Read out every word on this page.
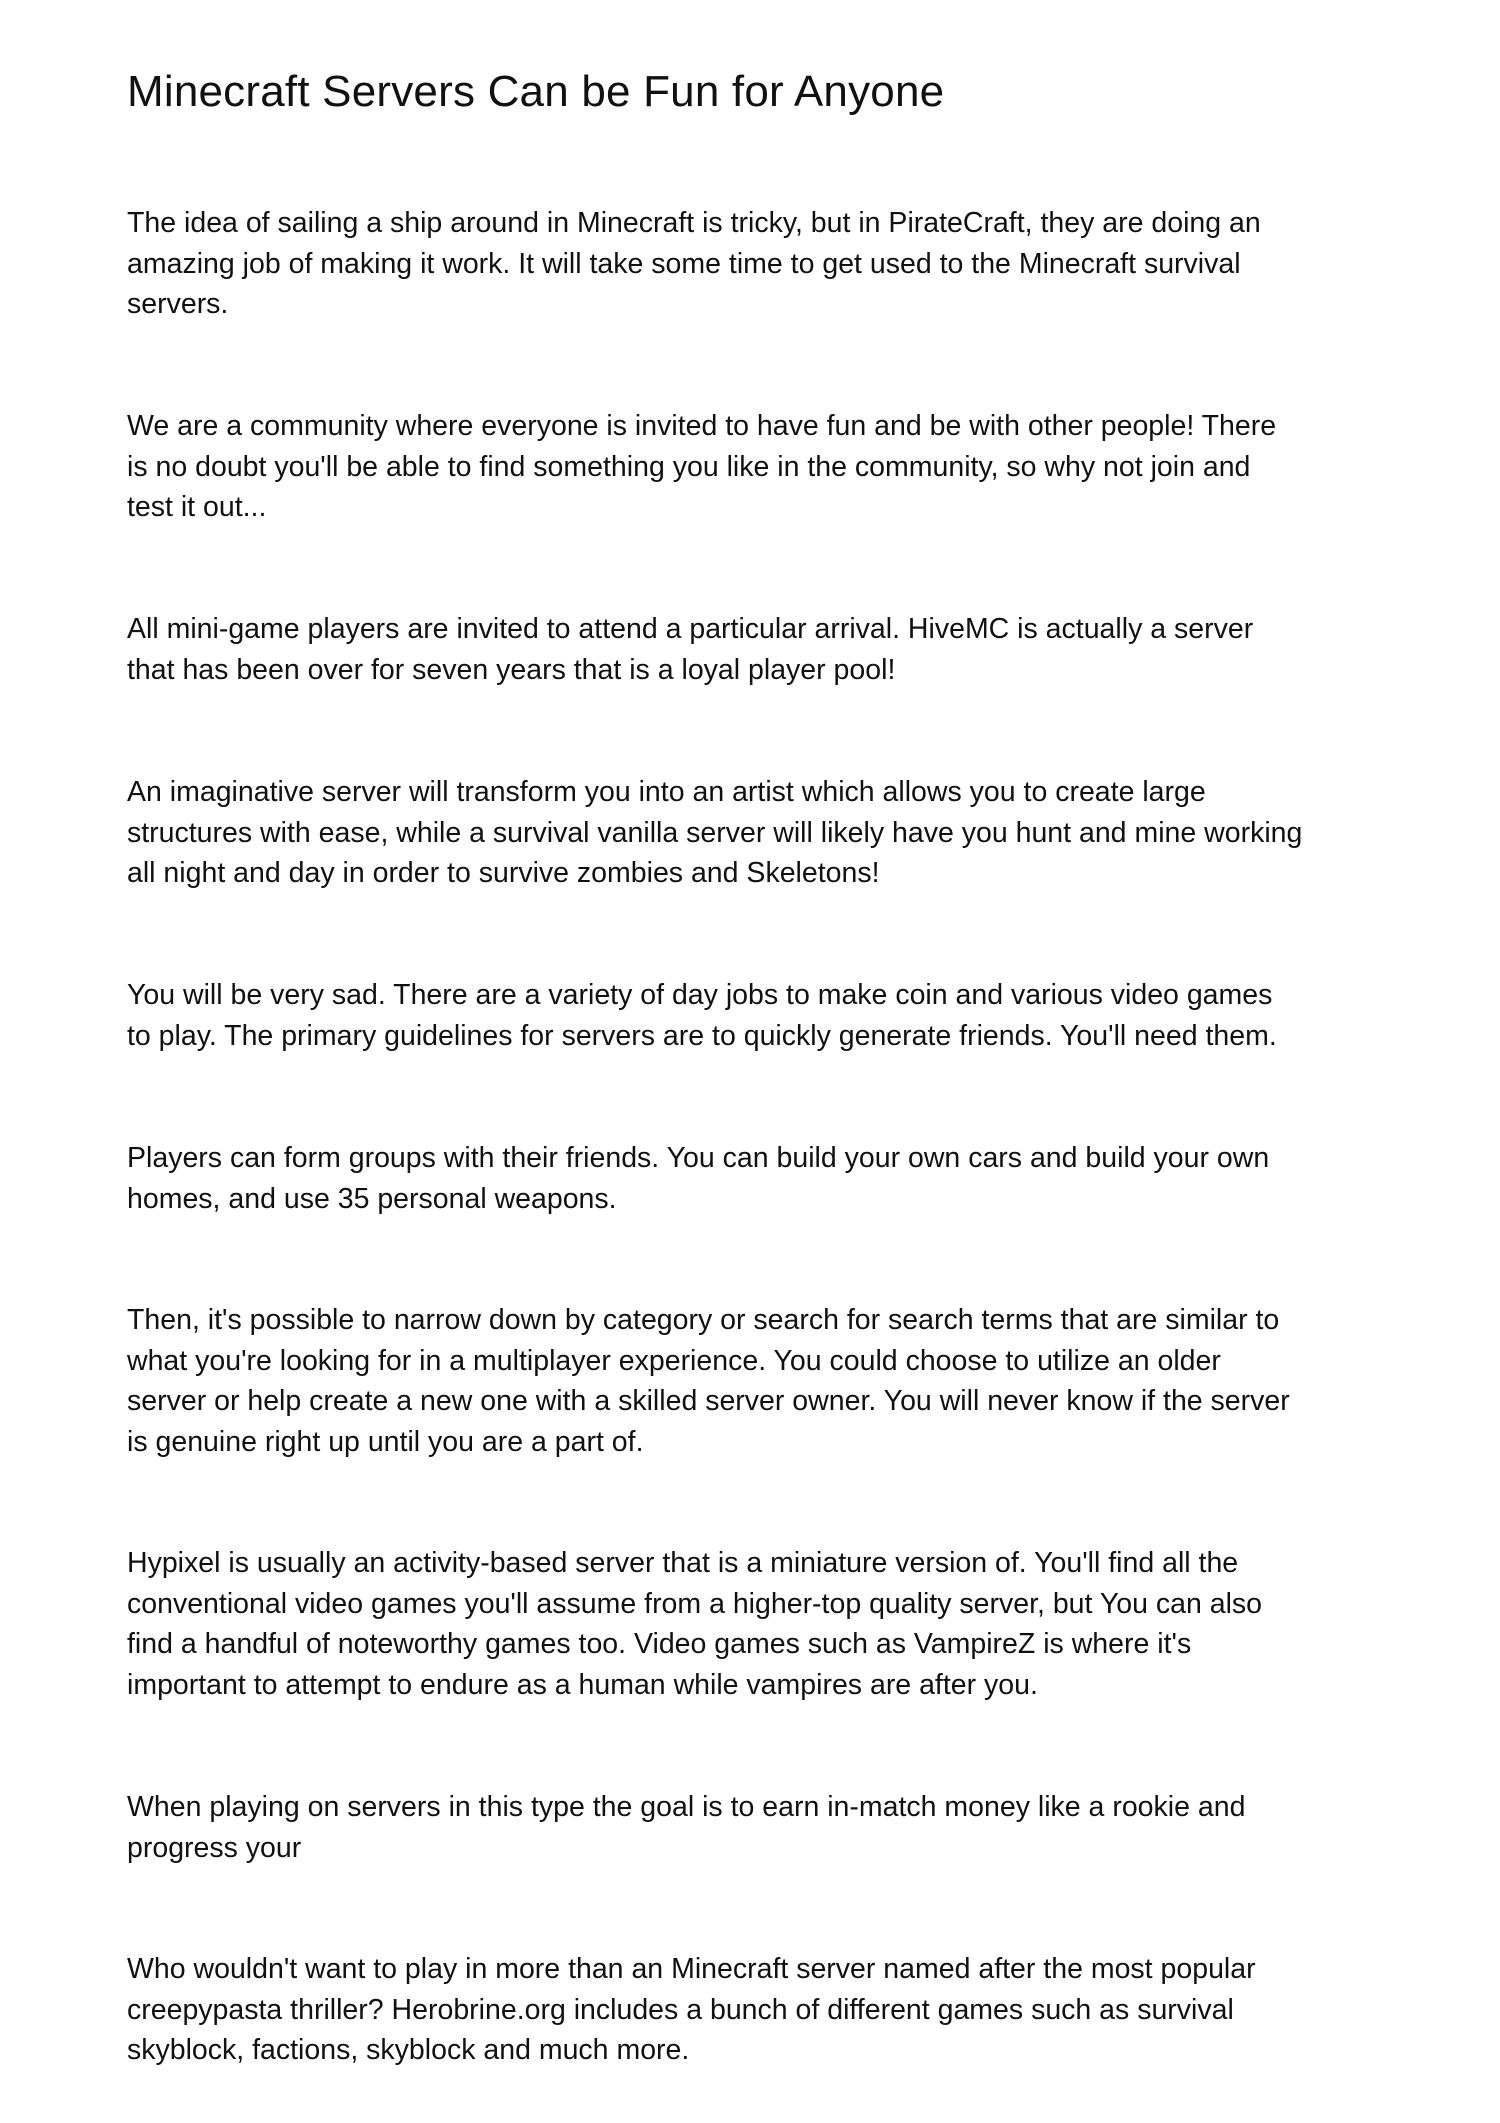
Minecraft Servers Can be Fun for Anyone

The idea of sailing a ship around in Minecraft is tricky, but in PirateCraft, they are doing an
amazing job of making it work. It will take some time to get used to the Minecraft survival
servers.

We are a community where everyone is invited to have fun and be with other people! There
is no doubt you'll be able to find something you like in the community, so why not join and
test it out...

All mini-game players are invited to attend a particular arrival. HiveMC is actually a server
that has been over for seven years that is a loyal player pool!

An imaginative server will transform you into an artist which allows you to create large
structures with ease, while a survival vanilla server will likely have you hunt and mine working
all night and day in order to survive zombies and Skeletons!

You will be very sad. There are a variety of day jobs to make coin and various video games
to play. The primary guidelines for servers are to quickly generate friends. You'll need them.

Players can form groups with their friends. You can build your own cars and build your own
homes, and use 35 personal weapons.

Then, it's possible to narrow down by category or search for search terms that are similar to
what you're looking for in a multiplayer experience. You could choose to utilize an older
server or help create a new one with a skilled server owner. You will never know if the server
is genuine right up until you are a part of.

Hypixel is usually an activity-based server that is a miniature version of. You'll find all the
conventional video games you'll assume from a higher-top quality server, but You can also
find a handful of noteworthy games too. Video games such as VampireZ is where it's
important to attempt to endure as a human while vampires are after you.

When playing on servers in this type the goal is to earn in-match money like a rookie and
progress your

Who wouldn't want to play in more than an Minecraft server named after the most popular
creepypasta thriller? Herobrine.org includes a bunch of different games such as survival
skyblock, factions, skyblock and much more.
